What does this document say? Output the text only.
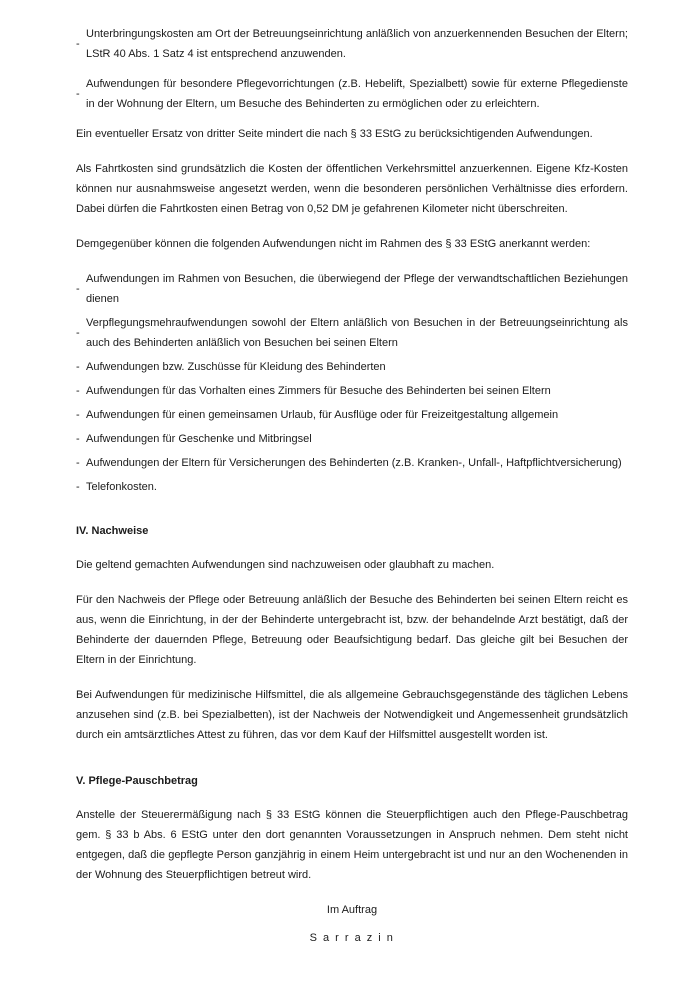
-
Unterbringungskosten am Ort der Betreuungseinrichtung anläßlich von anzuerkennenden Besuchen der Eltern; LStR 40 Abs. 1 Satz 4 ist entsprechend anzuwenden.
-
Aufwendungen für besondere Pflegevorrichtungen (z.B. Hebelift, Spezialbett) sowie für externe Pflegedienste in der Wohnung der Eltern, um Besuche des Behinderten zu ermöglichen oder zu erleichtern.

Ein eventueller Ersatz von dritter Seite mindert die nach § 33 EStG zu berücksichtigenden Aufwendungen.

Als Fahrtkosten sind grundsätzlich die Kosten der öffentlichen Verkehrsmittel anzuerkennen. Eigene Kfz-Kosten können nur ausnahmsweise angesetzt werden, wenn die besonderen persönlichen Verhältnisse dies erfordern. Dabei dürfen die Fahrtkosten einen Betrag von 0,52 DM je gefahrenen Kilometer nicht überschreiten.

Demgegenüber können die folgenden Aufwendungen nicht im Rahmen des § 33 EStG anerkannt werden:

-
Aufwendungen im Rahmen von Besuchen, die überwiegend der Pflege der verwandtschaftlichen Beziehungen dienen
-
Verpflegungsmehraufwendungen sowohl der Eltern anläßlich von Besuchen in der Betreuungseinrichtung als auch des Behinderten anläßlich von Besuchen bei seinen Eltern
- Aufwendungen bzw. Zuschüsse für Kleidung des Behinderten
- Aufwendungen für das Vorhalten eines Zimmers für Besuche des Behinderten bei seinen Eltern
- Aufwendungen für einen gemeinsamen Urlaub, für Ausflüge oder für Freizeitgestaltung allgemein
- Aufwendungen für Geschenke und Mitbringsel
- Aufwendungen der Eltern für Versicherungen des Behinderten (z.B. Kranken-, Unfall-, Haftpflichtversicherung)
- Telefonkosten.
IV. Nachweise

Die geltend gemachten Aufwendungen sind nachzuweisen oder glaubhaft zu machen.

Für den Nachweis der Pflege oder Betreuung anläßlich der Besuche des Behinderten bei seinen Eltern reicht es aus, wenn die Einrichtung, in der der Behinderte untergebracht ist, bzw. der behandelnde Arzt bestätigt, daß der Behinderte der dauernden Pflege, Betreuung oder Beaufsichtigung bedarf. Das gleiche gilt bei Besuchen der Eltern in der Einrichtung.

Bei Aufwendungen für medizinische Hilfsmittel, die als allgemeine Gebrauchsgegenstände des täglichen Lebens anzusehen sind (z.B. bei Spezialbetten), ist der Nachweis der Notwendigkeit und Angemessenheit grundsätzlich durch ein amtsärztliches Attest zu führen, das vor dem Kauf der Hilfsmittel ausgestellt worden ist.

V. Pflege-Pauschbetrag

Anstelle der Steuerermäßigung nach § 33 EStG können die Steuerpflichtigen auch den Pflege-Pauschbetrag gem. § 33 b Abs. 6 EStG unter den dort genannten Voraussetzungen in Anspruch nehmen. Dem steht nicht entgegen, daß die gepflegte Person ganzjährig in einem Heim untergebracht ist und nur an den Wochenenden in der Wohnung des Steuerpflichtigen betreut wird.

Im Auftrag
S a r r a z i n
